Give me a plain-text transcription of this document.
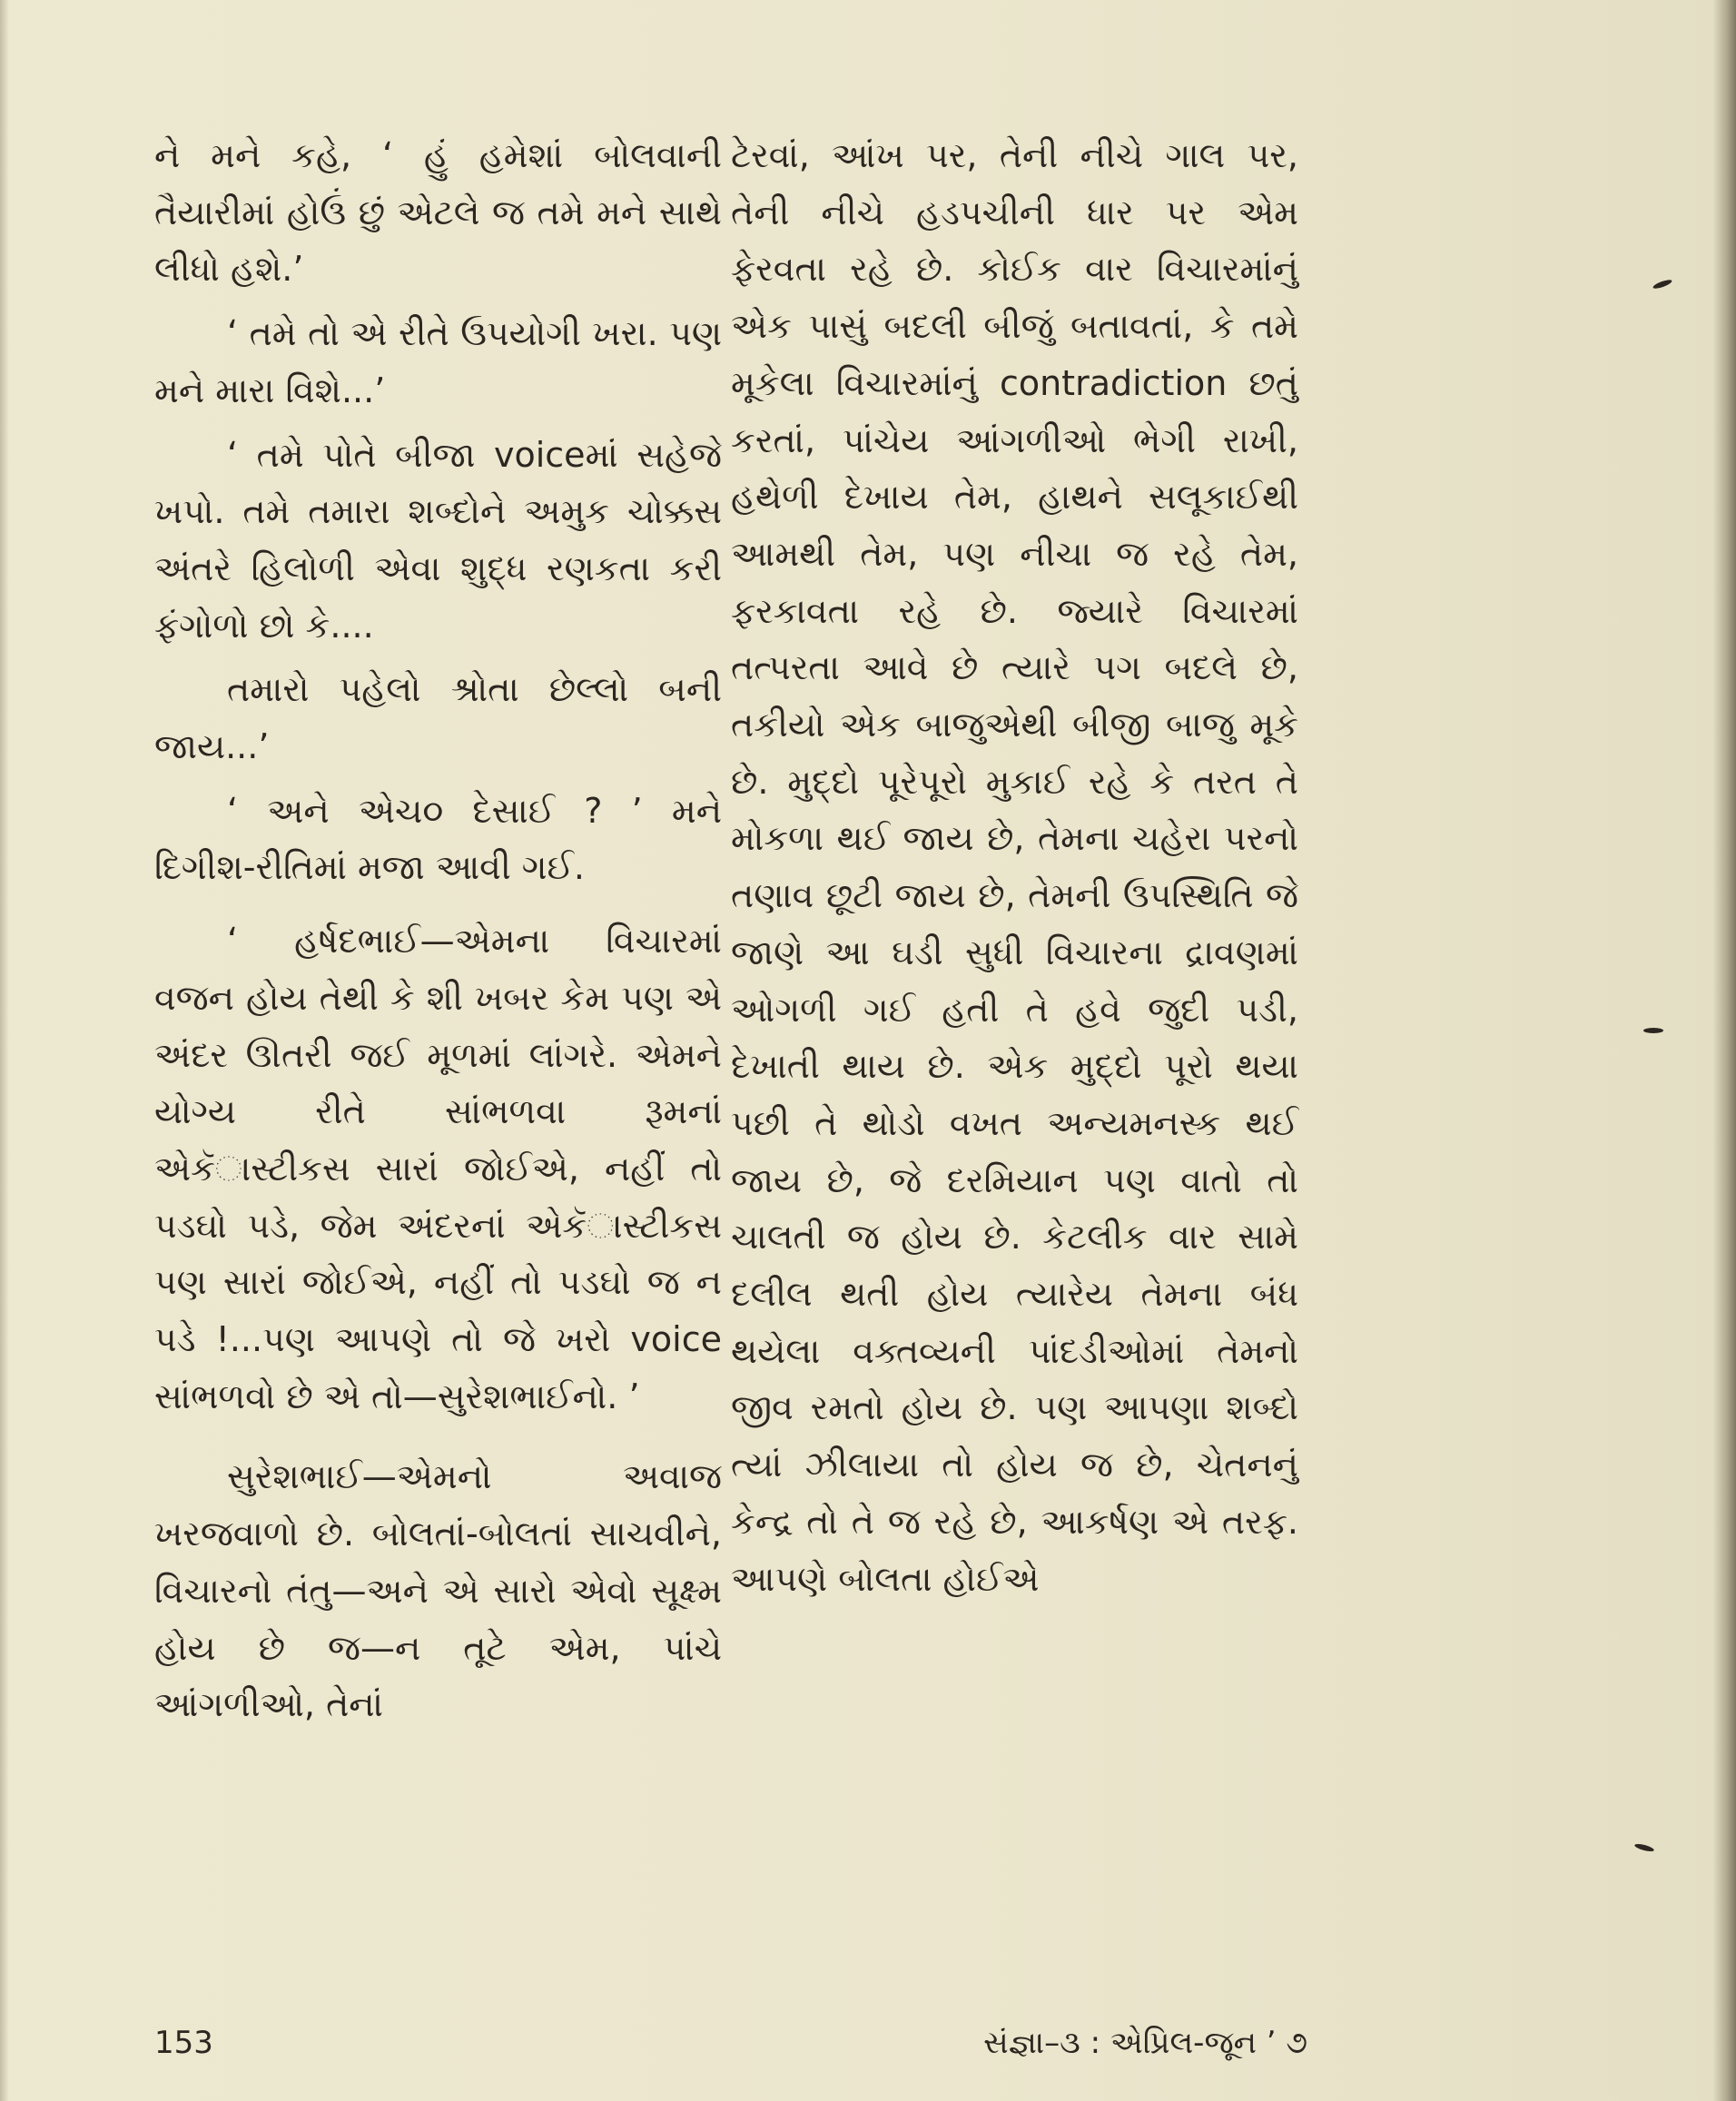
ને મને કહે, ‘ હું હમેશાં બોલવાની તૈયારીમાં હોઉં છું એટલે જ તમે મને સાથે લીધો હશે.’

‘ તમે તો એ રીતે ઉપયોગી ખરા. પણ મને મારા વિશે...’

‘ તમે પોતે બીજા voiceમાં સહેજે ખપો. તમે તમારા શબ્દોને અમુક ચોક્કસ અંતરે હિલોળી એવા શુદ્ધ રણકતા કરી ફંગોળો છો કે....

તમારો પહેલો શ્રોતા છેલ્લો બની જાય...’

‘ અને એચ૦ દેસાઈ ? ’ મને દિગીશ-રીતિમાં મજા આવી ગઈ.

‘ હર્ષદભાઈ—એમના વિચારમાં વજન હોય તેથી કે શી ખબર કેમ પણ એ અંદર ઊતરી જઈ મૂળમાં લાંગરે. એમને યોગ્ય રીતે સાંભળવા રૂમનાં એકૅાસ્ટીકસ સારાં જોઈએ, નહીં તો પડઘો પડે, જેમ અંદરનાં એકૅાસ્ટીકસ પણ સારાં જોઈએ, નહીં તો પડઘો જ ન પડે !...પણ આપણે તો જે ખરો voice સાંભળવો છે એ તો—સુરેશભાઈનો. ’

સુરેશભાઈ—એમનો અવાજ ખરજવાળો છે. બોલતાં-બોલતાં સાચવીને, વિચારનો તંતુ—અને એ સારો એવો સૂક્ષ્મ હોય છે જ—ન તૂટે એમ, પાંચે આંગળીઓ, તેનાં

ટેરવાં, આંખ પર, તેની નીચે ગાલ પર, તેની નીચે હડપચીની ધાર પર એમ ફેરવતા રહે છે. કોઈક વાર વિચારમાંનું એક પાસું બદલી બીજું બતાવતાં, કે તમે મૂકેલા વિચારમાંનું contradiction છતું કરતાં, પાંચેય આંગળીઓ ભેગી રાખી, હથેળી દેખાય તેમ, હાથને સલૂકાઈથી આમથી તેમ, પણ નીચા જ રહે તેમ, ફરકાવતા રહે છે. જ્યારે વિચારમાં તત્પરતા આવે છે ત્યારે પગ બદલે છે, તકીયો એક બાજુએથી બીજી બાજુ મૂકે છે. મુદ્દો પૂરેપૂરો મુકાઈ રહે કે તરત તે મોકળા થઈ જાય છે, તેમના ચહેરા પરનો તણાવ છૂટી જાય છે, તેમની ઉપસ્થિતિ જે જાણે આ ઘડી સુધી વિચારના દ્રાવણમાં ઓગળી ગઈ હતી તે હવે જુદી પડી, દેખાતી થાય છે. એક મુદ્દો પૂરો થયા પછી તે થોડો વખત અન્યમનસ્ક થઈ જાય છે, જે દરમિયાન પણ વાતો તો ચાલતી જ હોય છે. કેટલીક વાર સામે દલીલ થતી હોય ત્યારેય તેમના બંધ થયેલા વક્તવ્યની પાંદડીઓમાં તેમનો જીવ રમતો હોય છે. પણ આપણા શબ્દો ત્યાં ઝીલાયા તો હોય જ છે, ચેતનનું કેન્દ્ર તો તે જ રહે છે, આકર્ષણ એ તરફ. આપણે બોલતા હોઈએ

153	સંજ્ઞા–૩ : એપ્રિલ-જૂન ’ ૭
